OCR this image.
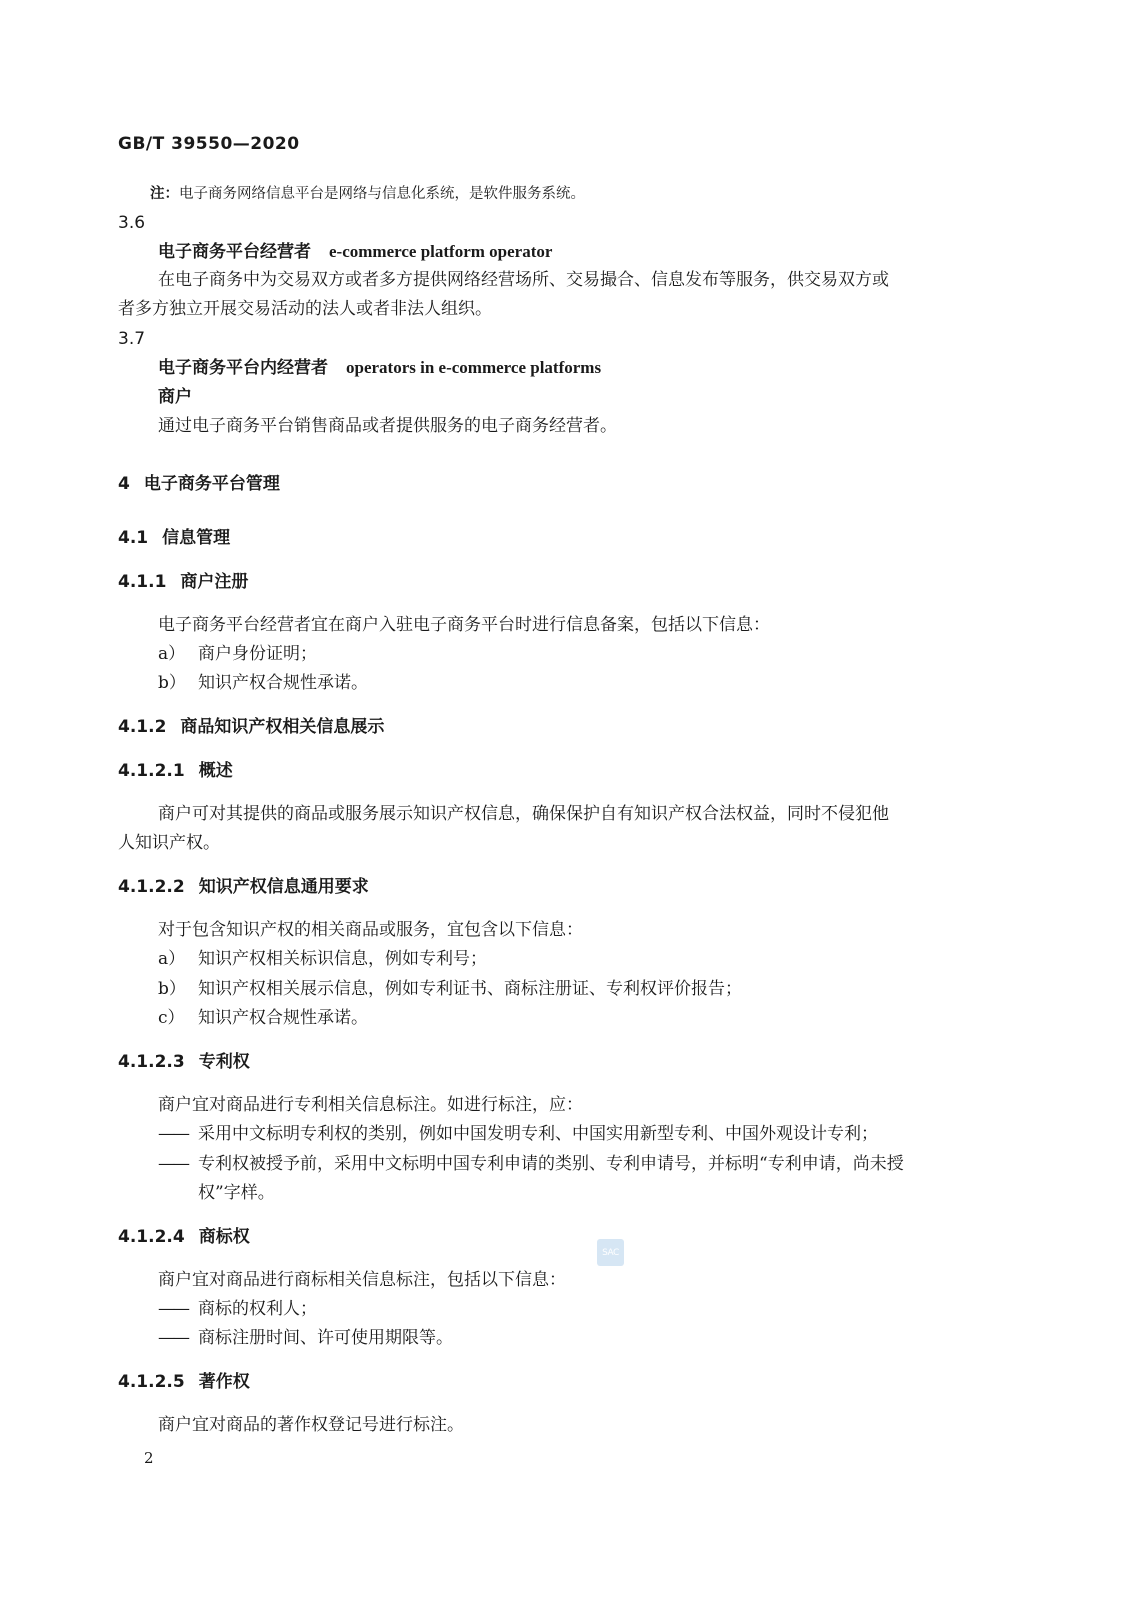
GB/T 39550—2020
注：电子商务网络信息平台是网络与信息化系统，是软件服务系统。
3.6
电子商务平台经营者 e-commerce platform operator
在电子商务中为交易双方或者多方提供网络经营场所、交易撮合、信息发布等服务，供交易双方或
者多方独立开展交易活动的法人或者非法人组织。
3.7
电子商务平台内经营者 operators in e-commerce platforms
商户
通过电子商务平台销售商品或者提供服务的电子商务经营者。
4 电子商务平台管理
4.1 信息管理
4.1.1 商户注册
电子商务平台经营者宜在商户入驻电子商务平台时进行信息备案，包括以下信息：
a） 商户身份证明；
b） 知识产权合规性承诺。
4.1.2 商品知识产权相关信息展示
4.1.2.1 概述
商户可对其提供的商品或服务展示知识产权信息，确保保护自有知识产权合法权益，同时不侵犯他
人知识产权。
4.1.2.2 知识产权信息通用要求
对于包含知识产权的相关商品或服务，宜包含以下信息：
a） 知识产权相关标识信息，例如专利号；
b） 知识产权相关展示信息，例如专利证书、商标注册证、专利权评价报告；
c） 知识产权合规性承诺。
4.1.2.3 专利权
商户宜对商品进行专利相关信息标注。如进行标注，应：
—— 采用中文标明专利权的类别，例如中国发明专利、中国实用新型专利、中国外观设计专利；
—— 专利权被授予前，采用中文标明中国专利申请的类别、专利申请号，并标明“专利申请，尚未授
权”字样。
4.1.2.4 商标权
SAC
商户宜对商品进行商标相关信息标注，包括以下信息：
—— 商标的权利人；
—— 商标注册时间、许可使用期限等。
4.1.2.5 著作权
商户宜对商品的著作权登记号进行标注。
2
